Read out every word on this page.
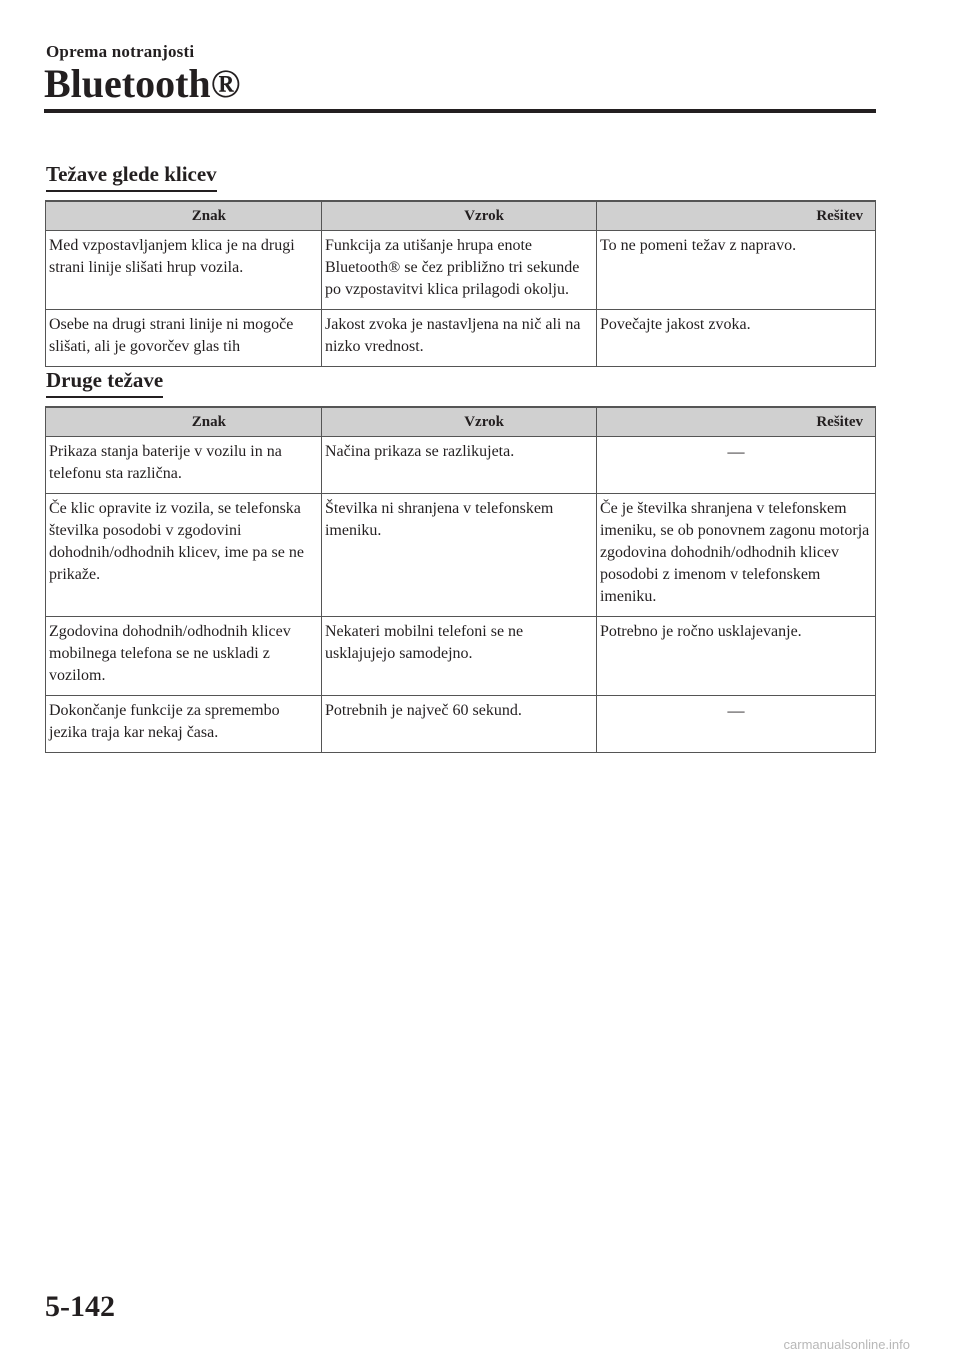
Oprema notranjosti
Bluetooth®
Težave glede klicev
Znak	Vzrok	Rešitev
Med vzpostavljanjem klica je na drugi strani linije slišati hrup vozila.	Funkcija za utišanje hrupa enote Bluetooth® se čez približno tri sekunde po vzpostavitvi klica prilagodi okolju.	To ne pomeni težav z napravo.
Osebe na drugi strani linije ni mogoče slišati, ali je govorčev glas tih	Jakost zvoka je nastavljena na nič ali na nizko vrednost.	Povečajte jakost zvoka.
Druge težave
Znak	Vzrok	Rešitev
Prikaza stanja baterije v vozilu in na telefonu sta različna.	Načina prikaza se razlikujeta.	—
Če klic opravite iz vozila, se telefonska številka posodobi v zgodovini dohodnih/odhodnih klicev, ime pa se ne prikaže.	Številka ni shranjena v telefonskem imeniku.	Če je številka shranjena v telefonskem imeniku, se ob ponovnem zagonu motorja zgodovina dohodnih/odhodnih klicev posodobi z imenom v telefonskem imeniku.
Zgodovina dohodnih/odhodnih klicev mobilnega telefona se ne uskladi z vozilom.	Nekateri mobilni telefoni se ne usklajujejo samodejno.	Potrebno je ročno usklajevanje.
Dokončanje funkcije za spremembo jezika traja kar nekaj časa.	Potrebnih je največ 60 sekund.	—
5-142
carmanualsonline.info
